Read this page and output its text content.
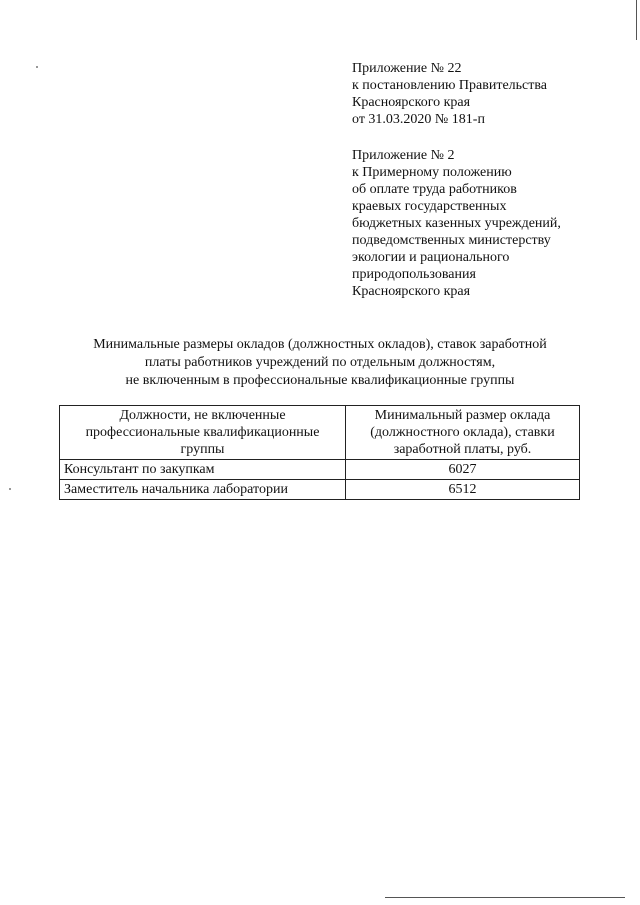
Приложение № 22
к постановлению Правительства
Красноярского края
от 31.03.2020 № 181-п
Приложение № 2
к Примерному положению
об оплате труда работников
краевых государственных
бюджетных казенных учреждений,
подведомственных министерству
экологии и рационального
природопользования
Красноярского края
Минимальные размеры окладов (должностных окладов), ставок заработной
платы работников учреждений по отдельным должностям,
не включенным в профессиональные квалификационные группы
Должности, не включенные
профессиональные квалификационные
группы	Минимальный размер оклада
(должностного оклада), ставки
заработной платы, руб.

Консультант по закупкам	6027
Заместитель начальника лаборатории	6512
